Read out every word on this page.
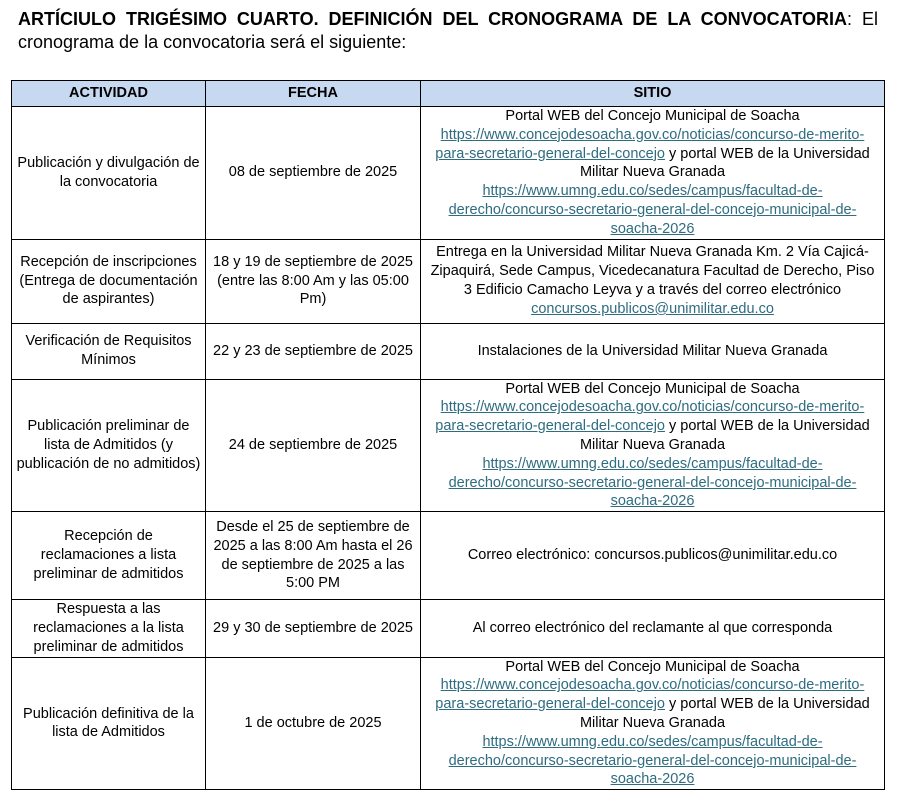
ARTÍCIULO TRIGÉSIMO CUARTO. DEFINICIÓN DEL CRONOGRAMA DE LA CONVOCATORIA: El cronograma de la convocatoria será el siguiente:
ACTIVIDAD	FECHA	SITIO
Publicación y divulgación de la convocatoria	08 de septiembre de 2025	Portal WEB del Concejo Municipal de Soacha
https://www.concejodesoacha.gov.co/noticias/concurso-de-merito-para-secretario-general-del-concejo y portal WEB de la Universidad Militar Nueva Granada
https://www.umng.edu.co/sedes/campus/facultad-de-derecho/concurso-secretario-general-del-concejo-municipal-de-soacha-2026
Recepción de inscripciones (Entrega de documentación de aspirantes)	18 y 19 de septiembre de 2025 (entre las 8:00 Am y las 05:00 Pm)	Entrega en la Universidad Militar Nueva Granada Km. 2 Vía Cajicá- Zipaquirá, Sede Campus, Vicedecanatura Facultad de Derecho, Piso 3 Edificio Camacho Leyva y a través del correo electrónico concursos.publicos@unimilitar.edu.co
Verificación de Requisitos Mínimos	22 y 23 de septiembre de 2025	Instalaciones de la Universidad Militar Nueva Granada
Publicación preliminar de lista de Admitidos (y publicación de no admitidos)	24 de septiembre de 2025	Portal WEB del Concejo Municipal de Soacha
https://www.concejodesoacha.gov.co/noticias/concurso-de-merito-para-secretario-general-del-concejo y portal WEB de la Universidad Militar Nueva Granada
https://www.umng.edu.co/sedes/campus/facultad-de-derecho/concurso-secretario-general-del-concejo-municipal-de-soacha-2026
Recepción de reclamaciones a lista preliminar de admitidos	Desde el 25 de septiembre de 2025 a las 8:00 Am hasta el 26 de septiembre de 2025 a las 5:00 PM	Correo electrónico: concursos.publicos@unimilitar.edu.co
Respuesta a las reclamaciones a la lista preliminar de admitidos	29 y 30 de septiembre de 2025	Al correo electrónico del reclamante al que corresponda
Publicación definitiva de la lista de Admitidos	1 de octubre de 2025	Portal WEB del Concejo Municipal de Soacha
https://www.concejodesoacha.gov.co/noticias/concurso-de-merito-para-secretario-general-del-concejo y portal WEB de la Universidad Militar Nueva Granada
https://www.umng.edu.co/sedes/campus/facultad-de-derecho/concurso-secretario-general-del-concejo-municipal-de-soacha-2026
